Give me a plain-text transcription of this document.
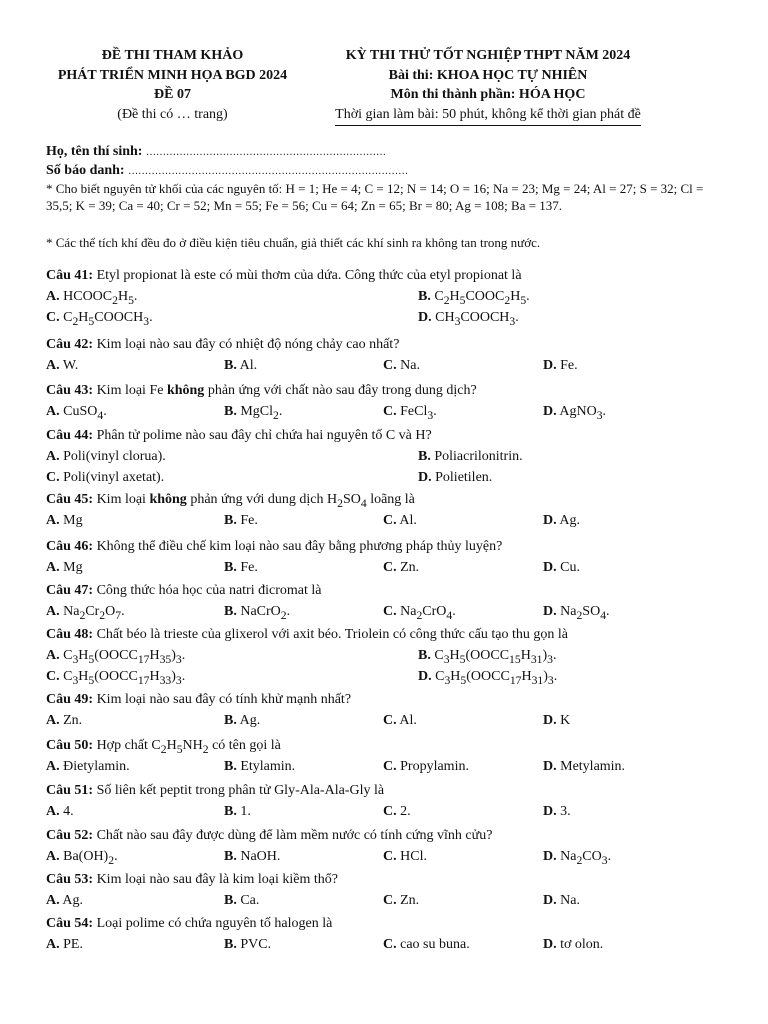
ĐỀ THI THAM KHẢO
PHÁT TRIỂN MINH HỌA BGD 2024
ĐỀ 07
(Đề thi có … trang)
KỲ THI THỬ TỐT NGHIỆP THPT NĂM 2024
Bài thi: KHOA HỌC TỰ NHIÊN
Môn thi thành phần: HÓA HỌC
Thời gian làm bài: 50 phút, không kể thời gian phát đề
Họ, tên thí sinh: ………………………………………………………………
Số báo danh: …………………………………………………………………………
* Cho biết nguyên tử khối của các nguyên tố: H = 1; He = 4; C = 12; N = 14; O = 16; Na = 23; Mg = 24; Al = 27; S = 32; Cl = 35,5; K = 39; Ca = 40; Cr = 52; Mn = 55; Fe = 56; Cu = 64; Zn = 65; Br = 80; Ag = 108; Ba = 137.
* Các thể tích khí đều đo ở điều kiện tiêu chuẩn, giả thiết các khí sinh ra không tan trong nước.
Câu 41: Etyl propionat là este có mùi thơm của dứa. Công thức của etyl propionat là
A. $HCOOC_2H_5$.	B. $C_2H_5COOC_2H_5$.
C. $C_2H_5COOCH_3$.	D. $CH_3COOCH_3$.
Câu 42: Kim loại nào sau đây có nhiệt độ nóng chảy cao nhất?
A. W.	B. Al.	C. Na.	D. Fe.
Câu 43: Kim loại Fe không phản ứng với chất nào sau đây trong dung dịch?
A. CuSO$_4$.	B. MgCl$_2$.	C. FeCl$_3$.	D. AgNO$_3$.
Câu 44: Phân tử polime nào sau đây chỉ chứa hai nguyên tố C và H?
A. Poli(vinyl clorua).	B. Poliacrilonitrin.
C. Poli(vinyl axetat).	D. Polietilen.
Câu 45: Kim loại không phản ứng với dung dịch $H_2SO_4$ loãng là
A. Mg	B. Fe.	C. Al.	D. Ag.
Câu 46: Không thể điều chế kim loại nào sau đây bằng phương pháp thủy luyện?
A. Mg	B. Fe.	C. Zn.	D. Cu.
Câu 47: Công thức hóa học của natri đicromat là
A. $Na_2Cr_2O_7$.	B. NaCrO$_2$.	C. $Na_2CrO_4$.	D. $Na_2SO_4$.
Câu 48: Chất béo là trieste của glixerol với axit béo. Triolein có công thức cấu tạo thu gọn là
A. $C_3H_5(OOCC_{17}H_{35})_3$.	B. $C_3H_5(OOCC_{15}H_{31})_3$.
C. $C_3H_5(OOCC_{17}H_{33})_3$.	D. $C_3H_5(OOCC_{17}H_{31})_3$.
Câu 49: Kim loại nào sau đây có tính khử mạnh nhất?
A. Zn.	B. Ag.	C. Al.	D. K
Câu 50: Hợp chất $C_2H_5NH_2$ có tên gọi là
A. Đietylamin.	B. Etylamin.	C. Propylamin.	D. Metylamin.
Câu 51: Số liên kết peptit trong phân tử Gly-Ala-Ala-Gly là
A. 4.	B. 1.	C. 2.	D. 3.
Câu 52: Chất nào sau đây được dùng để làm mềm nước có tính cứng vĩnh cửu?
A. $Ba(OH)_2$.	B. NaOH.	C. HCl.	D. $Na_2CO_3$.
Câu 53: Kim loại nào sau đây là kim loại kiềm thổ?
A. Ag.	B. Ca.	C. Zn.	D. Na.
Câu 54: Loại polime có chứa nguyên tố halogen là
A. PE.	B. PVC.	C. cao su buna.	D. tơ olon.
